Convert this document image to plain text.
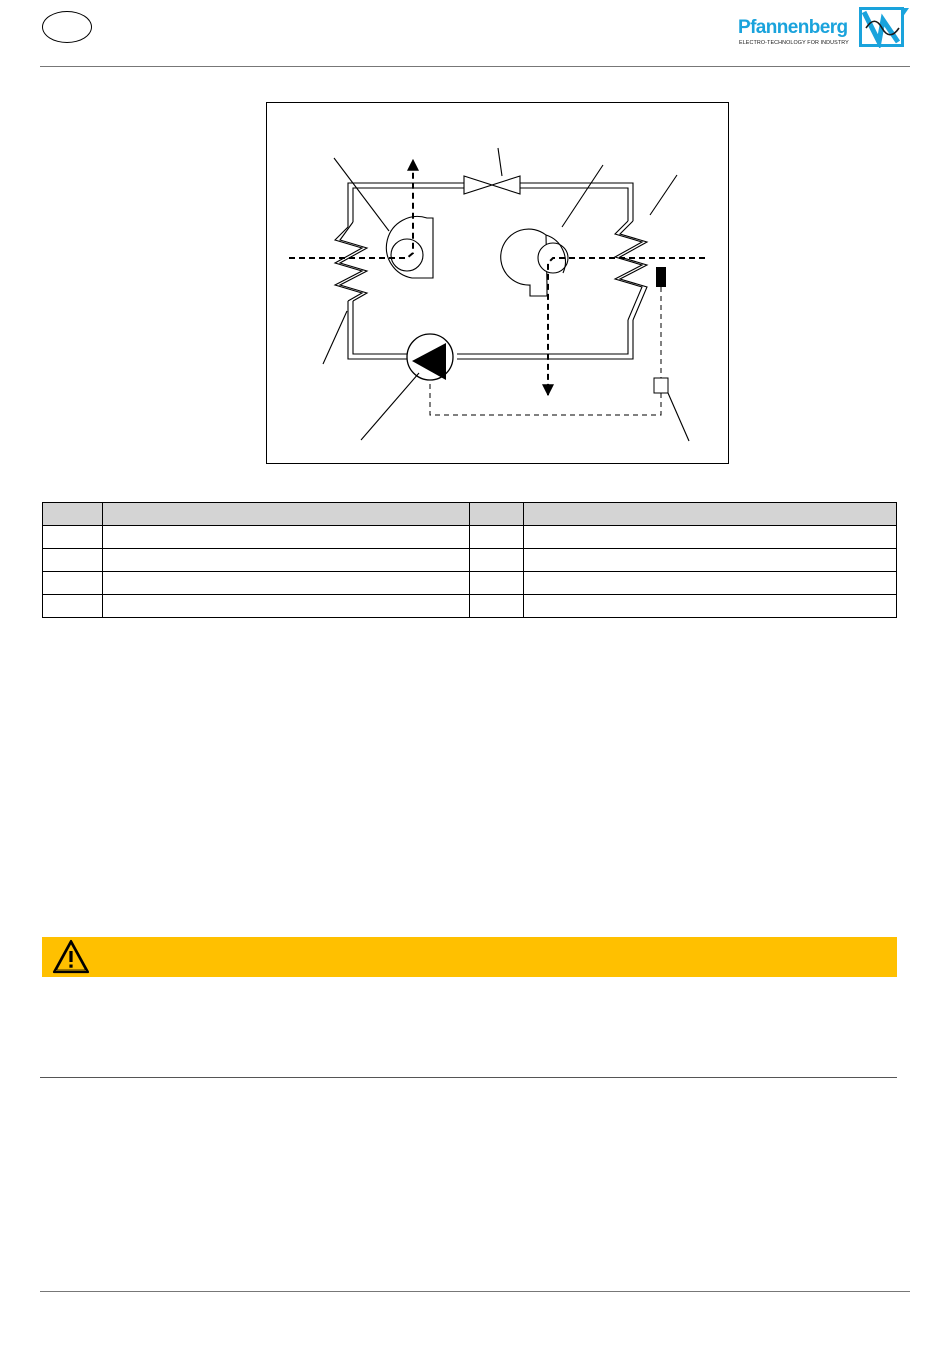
Pfannenberg
ELECTRO-TECHNOLOGY FOR INDUSTRY
